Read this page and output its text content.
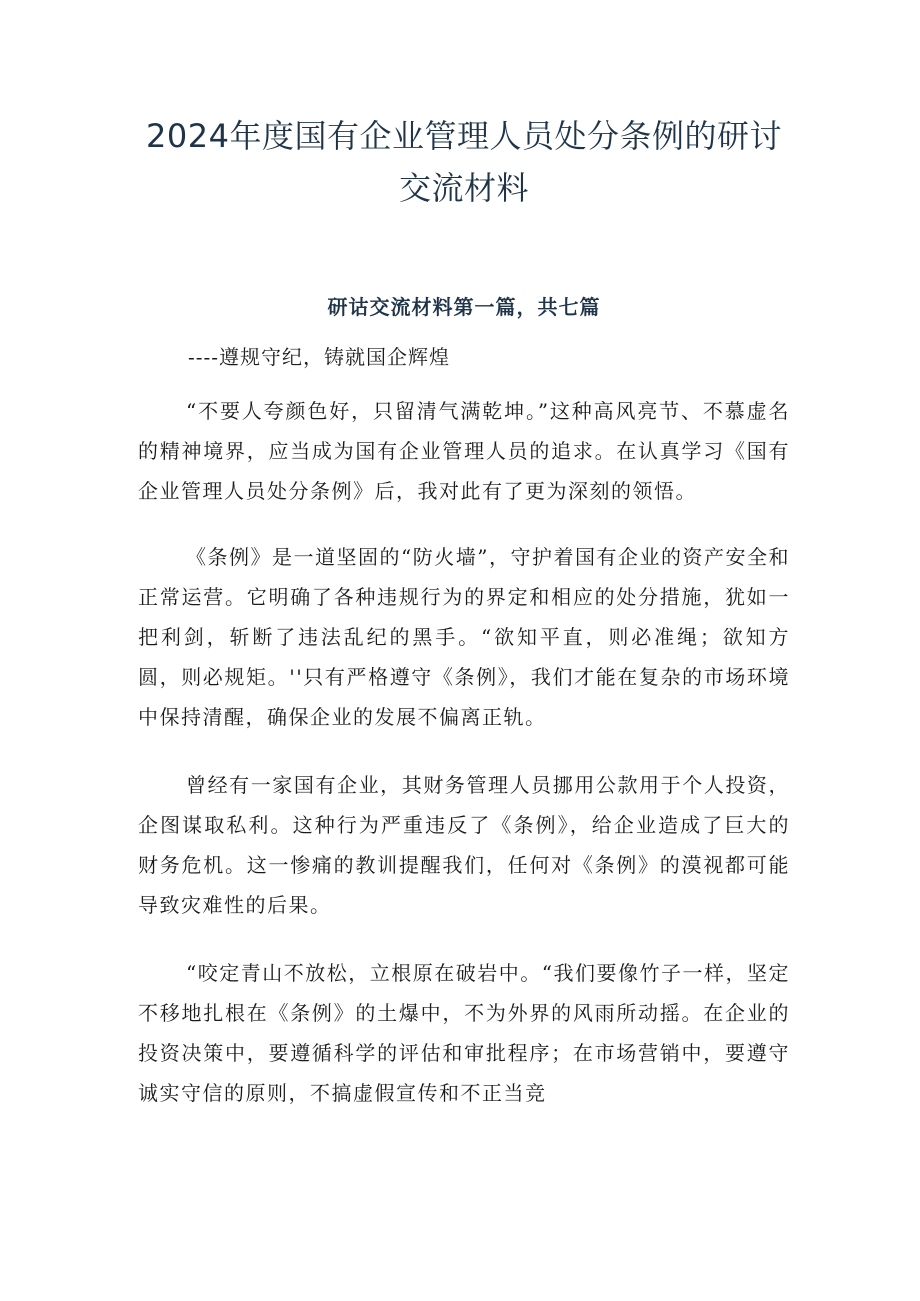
2024年度国有企业管理人员处分条例的研讨交流材料
研诂交流材料第一篇，共七篇
----遵规守纪，铸就国企辉煌

“不要人夸颜色好，只留清气满乾坤。”这种高风亮节、不慕虚名的精神境界，应当成为国有企业管理人员的追求。在认真学习《国有企业管理人员处分条例》后，我对此有了更为深刻的领悟。

《条例》是一道坚固的“防火墙”，守护着国有企业的资产安全和正常运营。它明确了各种违规行为的界定和相应的处分措施，犹如一把利剑，斩断了违法乱纪的黑手。“欲知平直，则必准绳；欲知方圆，则必规矩。''只有严格遵守《条例》，我们才能在复杂的市场环境中保持清醒，确保企业的发展不偏离正轨。

曾经有一家国有企业，其财务管理人员挪用公款用于个人投资，企图谋取私利。这种行为严重违反了《条例》，给企业造成了巨大的财务危机。这一惨痛的教训提醒我们，任何对《条例》的漠视都可能导致灾难性的后果。

“咬定青山不放松，立根原在破岩中。“我们要像竹子一样，坚定不移地扎根在《条例》的土爆中，不为外界的风雨所动摇。在企业的投资决策中，要遵循科学的评估和审批程序；在市场营销中，要遵守诚实守信的原则，不搞虚假宣传和不正当竞
